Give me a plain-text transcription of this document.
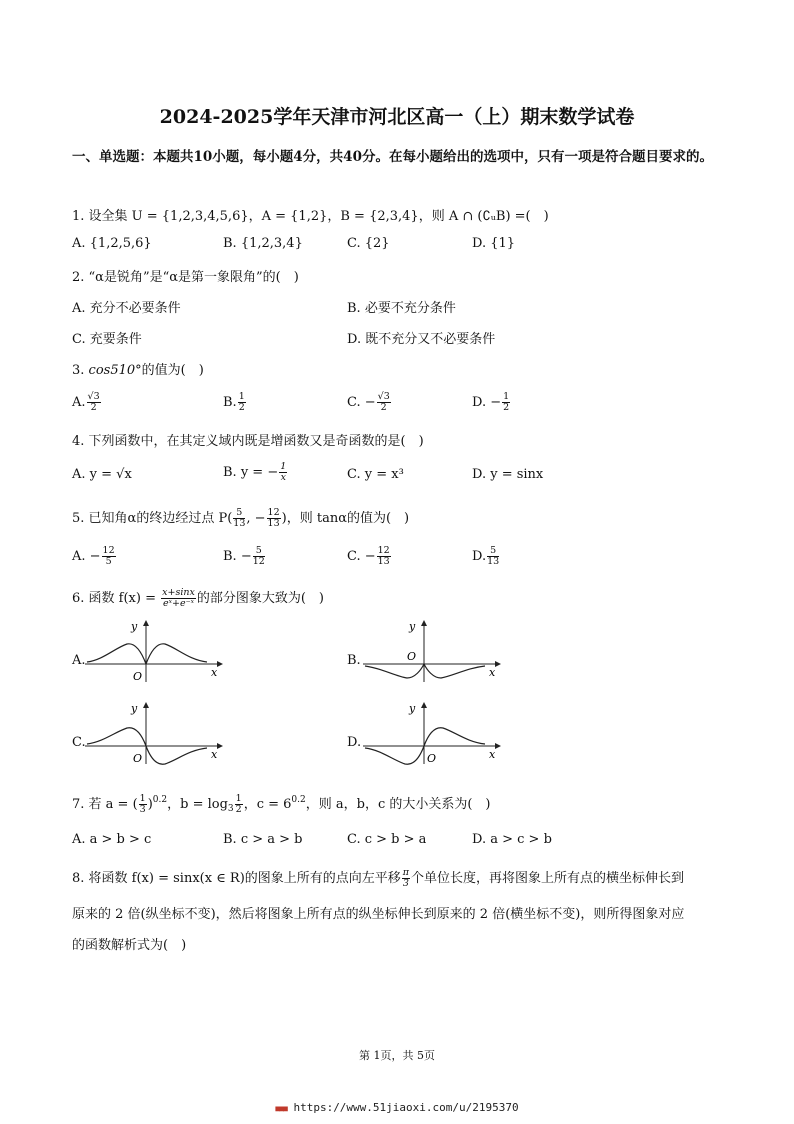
2024-2025学年天津市河北区高一（上）期末数学试卷
一、单选题：本题共10小题，每小题4分，共40分。在每小题给出的选项中，只有一项是符合题目要求的。
1. 设全集 U = {1,2,3,4,5,6}，A = {1,2}，B = {2,3,4}，则 A ∩ (∁ᵤB) =(　)
A. {1,2,5,6}	B. {1,2,3,4}	C. {2}	D. {1}
2. “α是锐角”是“α是第一象限角”的(　)
A. 充分不必要条件	B. 必要不充分条件
C. 充要条件	D. 既不充分又不必要条件
3. cos510°的值为(　)
A. $\frac{√3}{2}$	B. $\frac{1}{2}$	C. − $\frac{√3}{2}$	D. − $\frac{1}{2}$
4. 下列函数中，在其定义域内既是增函数又是奇函数的是(　)
A. y = √x	B. y = − $\frac{1}{x}$	C. y = x³	D. y = sinx
5. 已知角α的终边经过点 $P( \frac{5}{13}$ , − $\frac{12}{13}$ )，则 tanα的值为(　)
A. − $\frac{12}{5}$	B. − $\frac{5}{12}$	C. − $\frac{12}{13}$	D. $\frac{5}{13}$
6. 函数 $f(x) = \frac{x+\sin x}{\text{eˣ+e⁻ˣ}}$ 的部分图象大致为(　)
A.	B.
C.	D.
y
x
O
y
x
O
y
x
O
y
x
O
7. 若 a = ( $\frac{1}{3} )^{0.2}$，$b = \log_3 \frac{1}{2}$ ，$c = 6^{0.2}$，则 a，b，c 的大小关系为(　)
A. a > b > c	B. c > a > b	C. c > b > a	D. a > c > b
8. 将函数 f(x) = sinx(x ∈ R)的图象上所有的点向左平移 $\frac{\pi}{3}$ 个单位长度，再将图象上所有点的横坐标伸长到
原来的 2 倍(纵坐标不变)，然后将图象上所有点的纵坐标伸长到原来的 2 倍(横坐标不变)，则所得图象对应
的函数解析式为(　)
第 1页，共 5页
■■■ https://www.51jiaoxi.com/u/2195370
